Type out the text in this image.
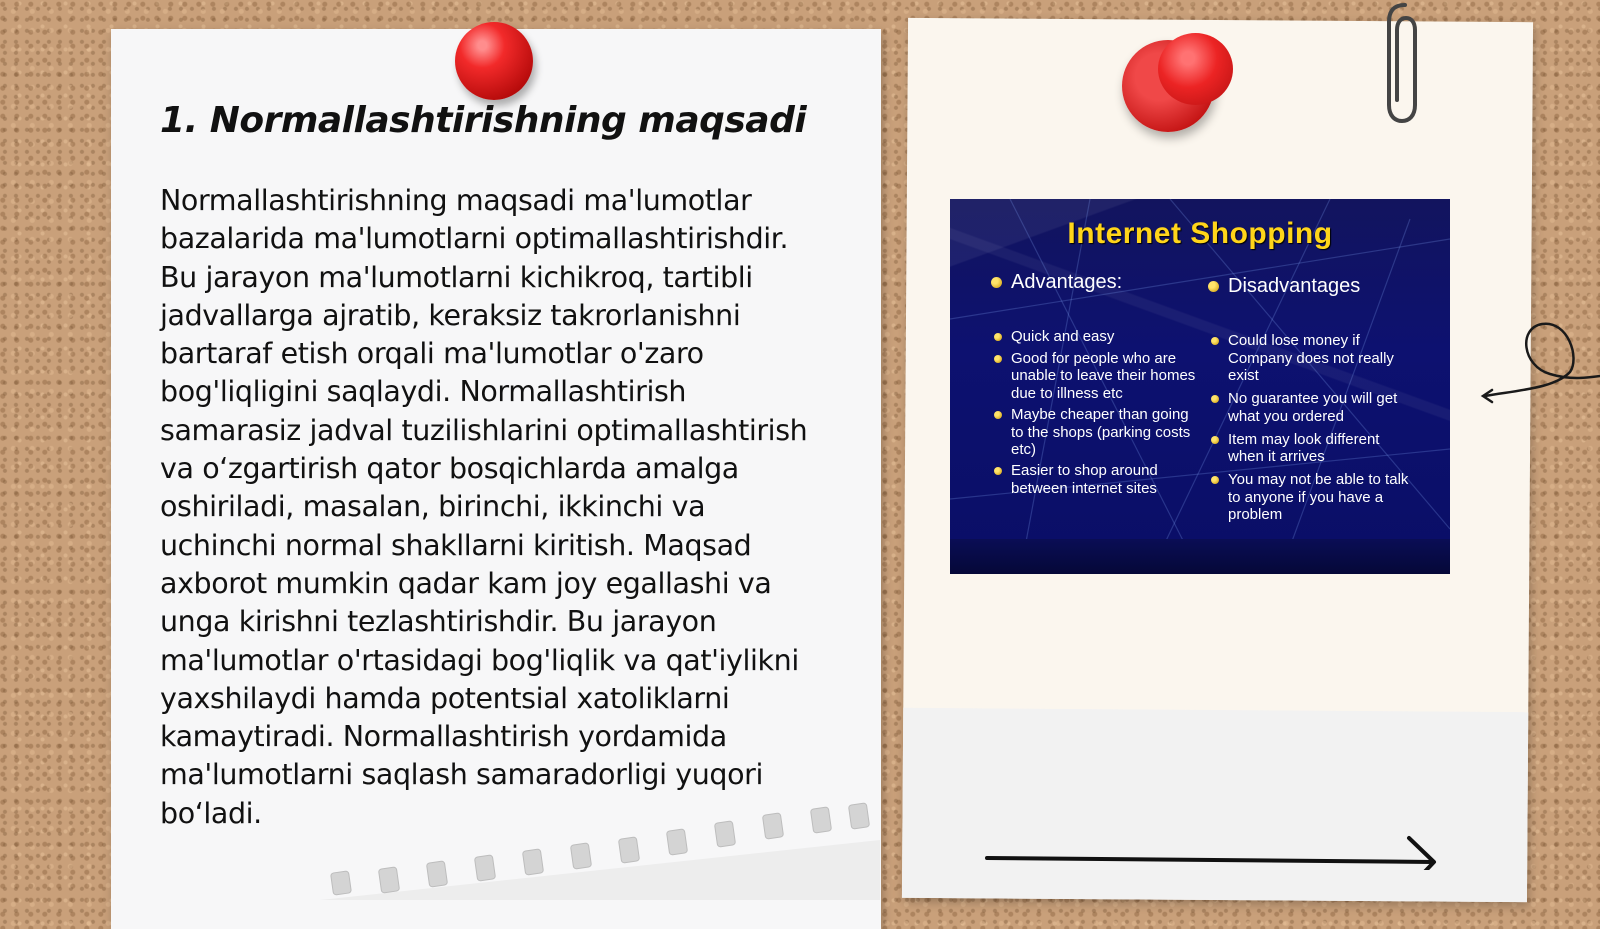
1. Normallashtirishning maqsadi
Normallashtirishning maqsadi ma'lumotlar bazalarida ma'lumotlarni optimallashtirishdir. Bu jarayon ma'lumotlarni kichikroq, tartibli jadvallarga ajratib, keraksiz takrorlanishni bartaraf etish orqali ma'lumotlar o'zaro bog'liqligini saqlaydi. Normallashtirish samarasiz jadval tuzilishlarini optimallashtirish va o‘zgartirish qator bosqichlarda amalga oshiriladi, masalan, birinchi, ikkinchi va uchinchi normal shakllarni kiritish. Maqsad axborot mumkin qadar kam joy egallashi va unga kirishni tezlashtirishdir. Bu jarayon ma'lumotlar o'rtasidagi bog'liqlik va qat'iylikni yaxshilaydi hamda potentsial xatoliklarni kamaytiradi. Normallashtirish yordamida ma'lumotlarni saqlash samaradorligi yuqori bo‘ladi.
Internet Shopping
Advantages:	Disadvantages
Quick and easy
Good for people who are unable to leave their homes due to illness etc
Maybe cheaper than going to the shops (parking costs etc)
Easier to shop around between internet sites
Could lose money if Company does not really exist
No guarantee you will get what you ordered
Item may look different when it arrives
You may not be able to talk to anyone if you have a problem
